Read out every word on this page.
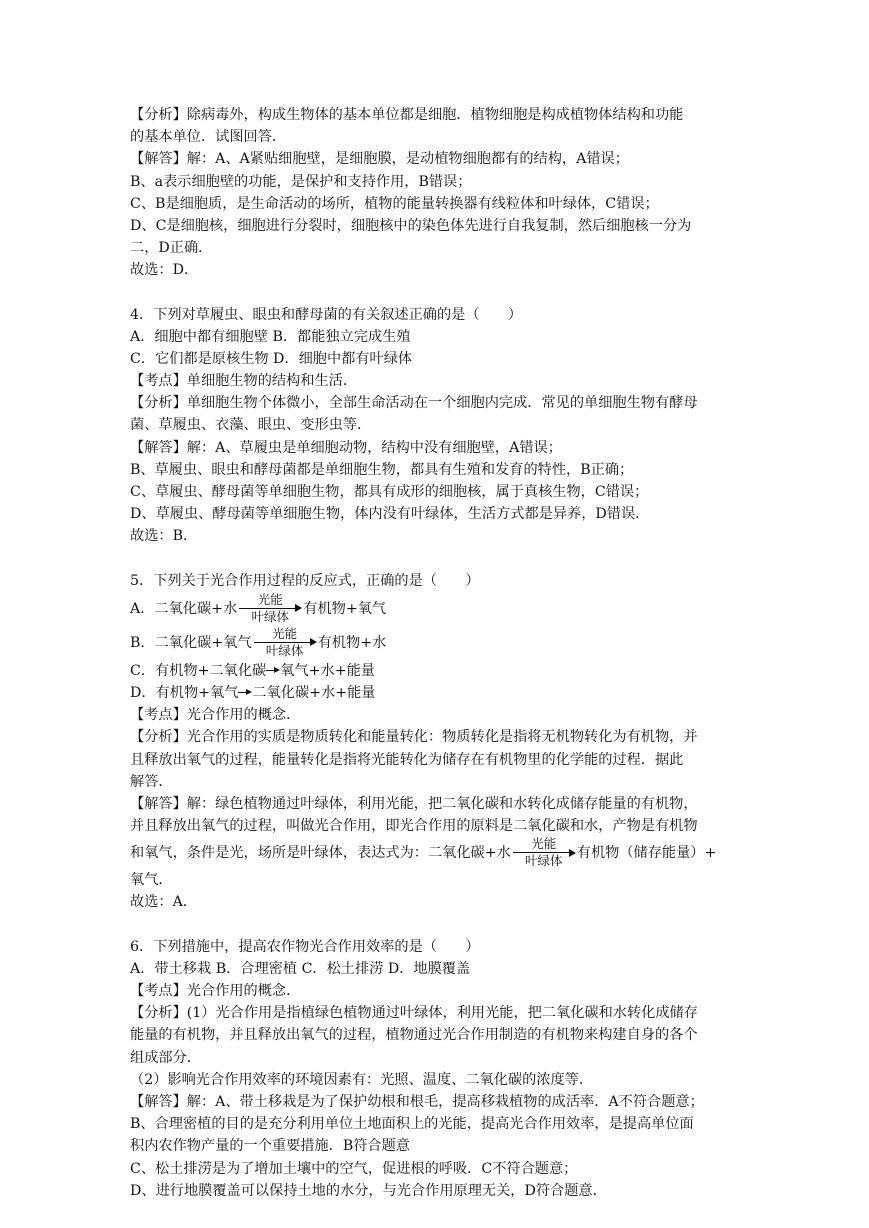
【分析】除病毒外，构成生物体的基本单位都是细胞．植物细胞是构成植物体结构和功能
的基本单位．试图回答．
【解答】解：A、A紧贴细胞壁，是细胞膜，是动植物细胞都有的结构，A错误；
B、a表示细胞壁的功能，是保护和支持作用，B错误；
C、B是细胞质，是生命活动的场所，植物的能量转换器有线粒体和叶绿体，C错误；
D、C是细胞核，细胞进行分裂时，细胞核中的染色体先进行自我复制，然后细胞核一分为
二，D正确．
故选：D．
4．下列对草履虫、眼虫和酵母菌的有关叙述正确的是（　　）
A．细胞中都有细胞壁 B．都能独立完成生殖
C．它们都是原核生物 D．细胞中都有叶绿体
【考点】单细胞生物的结构和生活．
【分析】单细胞生物个体微小，全部生命活动在一个细胞内完成．常见的单细胞生物有酵母
菌、草履虫、衣藻、眼虫、变形虫等．
【解答】解：A、草履虫是单细胞动物，结构中没有细胞壁，A错误；
B、草履虫、眼虫和酵母菌都是单细胞生物，都具有生殖和发育的特性，B正确；
C、草履虫、酵母菌等单细胞生物，都具有成形的细胞核，属于真核生物，C错误；
D、草履虫、酵母菌等单细胞生物，体内没有叶绿体，生活方式都是异养，D错误．
故选：B．
5．下列关于光合作用过程的反应式，正确的是（　　）
A．二氧化碳+水
光能
叶绿体	有机物+氧气
B．二氧化碳+氧气
光能
叶绿体	有机物+水
C．有机物+二氧化碳 氧气+水+能量
D．有机物+氧气 二氧化碳+水+能量
【考点】光合作用的概念．
【分析】光合作用的实质是物质转化和能量转化：物质转化是指将无机物转化为有机物，并
且释放出氧气的过程，能量转化是指将光能转化为储存在有机物里的化学能的过程．据此
解答．
【解答】解：绿色植物通过叶绿体，利用光能，把二氧化碳和水转化成储存能量的有机物，
并且释放出氧气的过程，叫做光合作用，即光合作用的原料是二氧化碳和水，产物是有机物
和氧气，条件是光，场所是叶绿体，表达式为：二氧化碳+水
光能
叶绿体	有机物（储存能量）+
氧气．
故选：A．
6．下列措施中，提高农作物光合作用效率的是（　　）
A．带土移栽 B．合理密植 C．松土排涝 D．地膜覆盖
【考点】光合作用的概念．
【分析】(1）光合作用是指植绿色植物通过叶绿体，利用光能，把二氧化碳和水转化成储存
能量的有机物，并且释放出氧气的过程，植物通过光合作用制造的有机物来构建自身的各个
组成部分．
（2）影响光合作用效率的环境因素有：光照、温度、二氧化碳的浓度等．
【解答】解：A、带土移栽是为了保护幼根和根毛，提高移栽植物的成活率．A不符合题意；
B、合理密植的目的是充分利用单位土地面积上的光能，提高光合作用效率，是提高单位面
积内农作物产量的一个重要措施．B符合题意
C、松土排涝是为了增加土壤中的空气，促进根的呼吸．C不符合题意；
D、进行地膜覆盖可以保持土地的水分，与光合作用原理无关，D符合题意．
